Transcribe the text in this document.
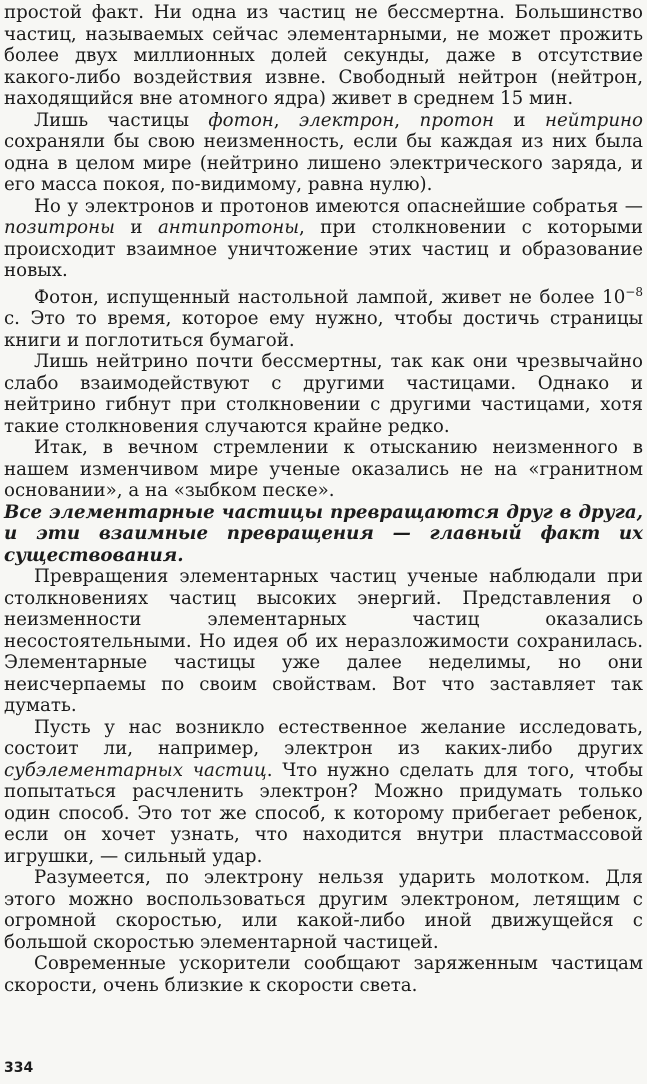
простой факт. Ни одна из частиц не бессмертна. Большинство частиц, называемых сейчас элементарными, не может прожить более двух миллионных долей секунды, даже в отсутствие какого-либо воздействия извне. Свободный нейтрон (нейтрон, находящийся вне атомного ядра) живет в среднем 15 мин.

Лишь частицы фотон, электрон, протон и нейтрино сохраняли бы свою неизменность, если бы каждая из них была одна в целом мире (нейтрино лишено электрического заряда, и его масса покоя, по-видимому, равна нулю).

Но у электронов и протонов имеются опаснейшие собратья — позитроны и антипротоны, при столкновении с которыми происходит взаимное уничтожение этих частиц и образование новых.

Фотон, испущенный настольной лампой, живет не более $10^{-8}$ с. Это то время, которое ему нужно, чтобы достичь страницы книги и поглотиться бумагой.

Лишь нейтрино почти бессмертны, так как они чрезвычайно слабо взаимодействуют с другими частицами. Однако и нейтрино гибнут при столкновении с другими частицами, хотя такие столкновения случаются крайне редко.

Итак, в вечном стремлении к отысканию неизменного в нашем изменчивом мире ученые оказались не на «гранитном основании», а на «зыбком песке».

Все элементарные частицы превращаются друг в друга, и эти взаимные превращения — главный факт их существования.

Превращения элементарных частиц ученые наблюдали при столкновениях частиц высоких энергий. Представления о неизменности элементарных частиц оказались несостоятельными. Но идея об их неразложимости сохранилась. Элементарные частицы уже далее неделимы, но они неисчерпаемы по своим свойствам. Вот что заставляет так думать.

Пусть у нас возникло естественное желание исследовать, состоит ли, например, электрон из каких-либо других субэлементарных частиц. Что нужно сделать для того, чтобы попытаться расчленить электрон? Можно придумать только один способ. Это тот же способ, к которому прибегает ребенок, если он хочет узнать, что находится внутри пластмассовой игрушки, — сильный удар.

Разумеется, по электрону нельзя ударить молотком. Для этого можно воспользоваться другим электроном, летящим с огромной скоростью, или какой-либо иной движущейся с большой скоростью элементарной частицей.

Современные ускорители сообщают заряженным частицам скорости, очень близкие к скорости света.

334
